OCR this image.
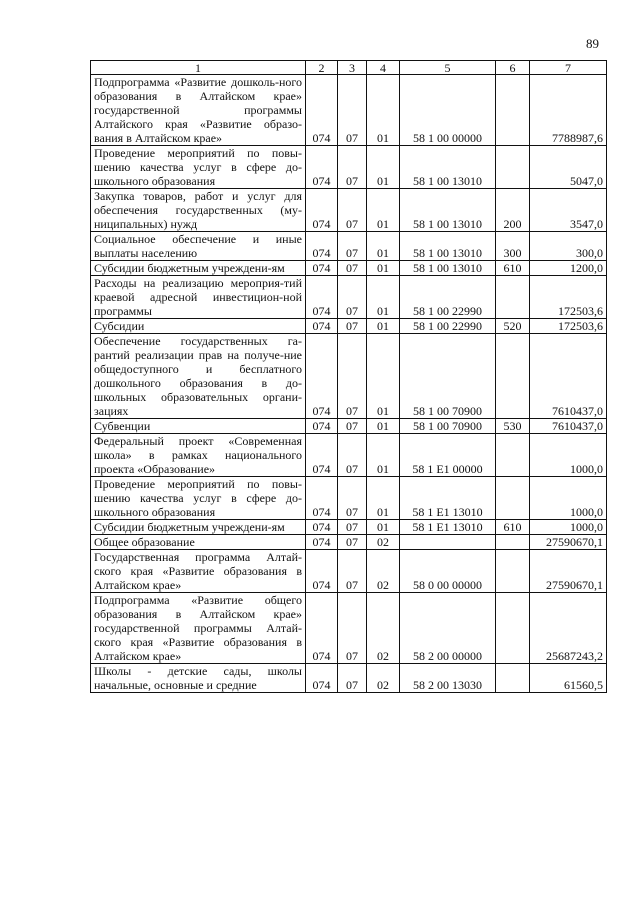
89
1	2	3	4	5	6	7
Подпрограмма «Развитие дошколь-ного образования в Алтайском крае» государственной программы Алтайского края «Развитие образо-вания в Алтайском крае»	074	07	01	58 1 00 00000		7788987,6
Проведение мероприятий по повы-шению качества услуг в сфере до-школьного образования	074	07	01	58 1 00 13010		5047,0
Закупка товаров, работ и услуг для обеспечения государственных (му-ниципальных) нужд	074	07	01	58 1 00 13010	200	3547,0
Социальное обеспечение и иные выплаты населению	074	07	01	58 1 00 13010	300	300,0
Субсидии бюджетным учреждени-ям	074	07	01	58 1 00 13010	610	1200,0
Расходы на реализацию мероприя-тий краевой адресной инвестицион-ной программы	074	07	01	58 1 00 22990		172503,6
Субсидии	074	07	01	58 1 00 22990	520	172503,6
Обеспечение государственных га-рантий реализации прав на получе-ние общедоступного и бесплатного дошкольного образования в до-школьных образовательных органи-зациях	074	07	01	58 1 00 70900		7610437,0
Субвенции	074	07	01	58 1 00 70900	530	7610437,0
Федеральный проект «Современная школа» в рамках национального проекта «Образование»	074	07	01	58 1 E1 00000		1000,0
Проведение мероприятий по повы-шению качества услуг в сфере до-школьного образования	074	07	01	58 1 E1 13010		1000,0
Субсидии бюджетным учреждени-ям	074	07	01	58 1 E1 13010	610	1000,0
Общее образование	074	07	02			27590670,1
Государственная программа Алтай-ского края «Развитие образования в Алтайском крае»	074	07	02	58 0 00 00000		27590670,1
Подпрограмма «Развитие общего образования в Алтайском крае» государственной программы Алтай-ского края «Развитие образования в Алтайском крае»	074	07	02	58 2 00 00000		25687243,2
Школы - детские сады, школы начальные, основные и средние	074	07	02	58 2 00 13030		61560,5
